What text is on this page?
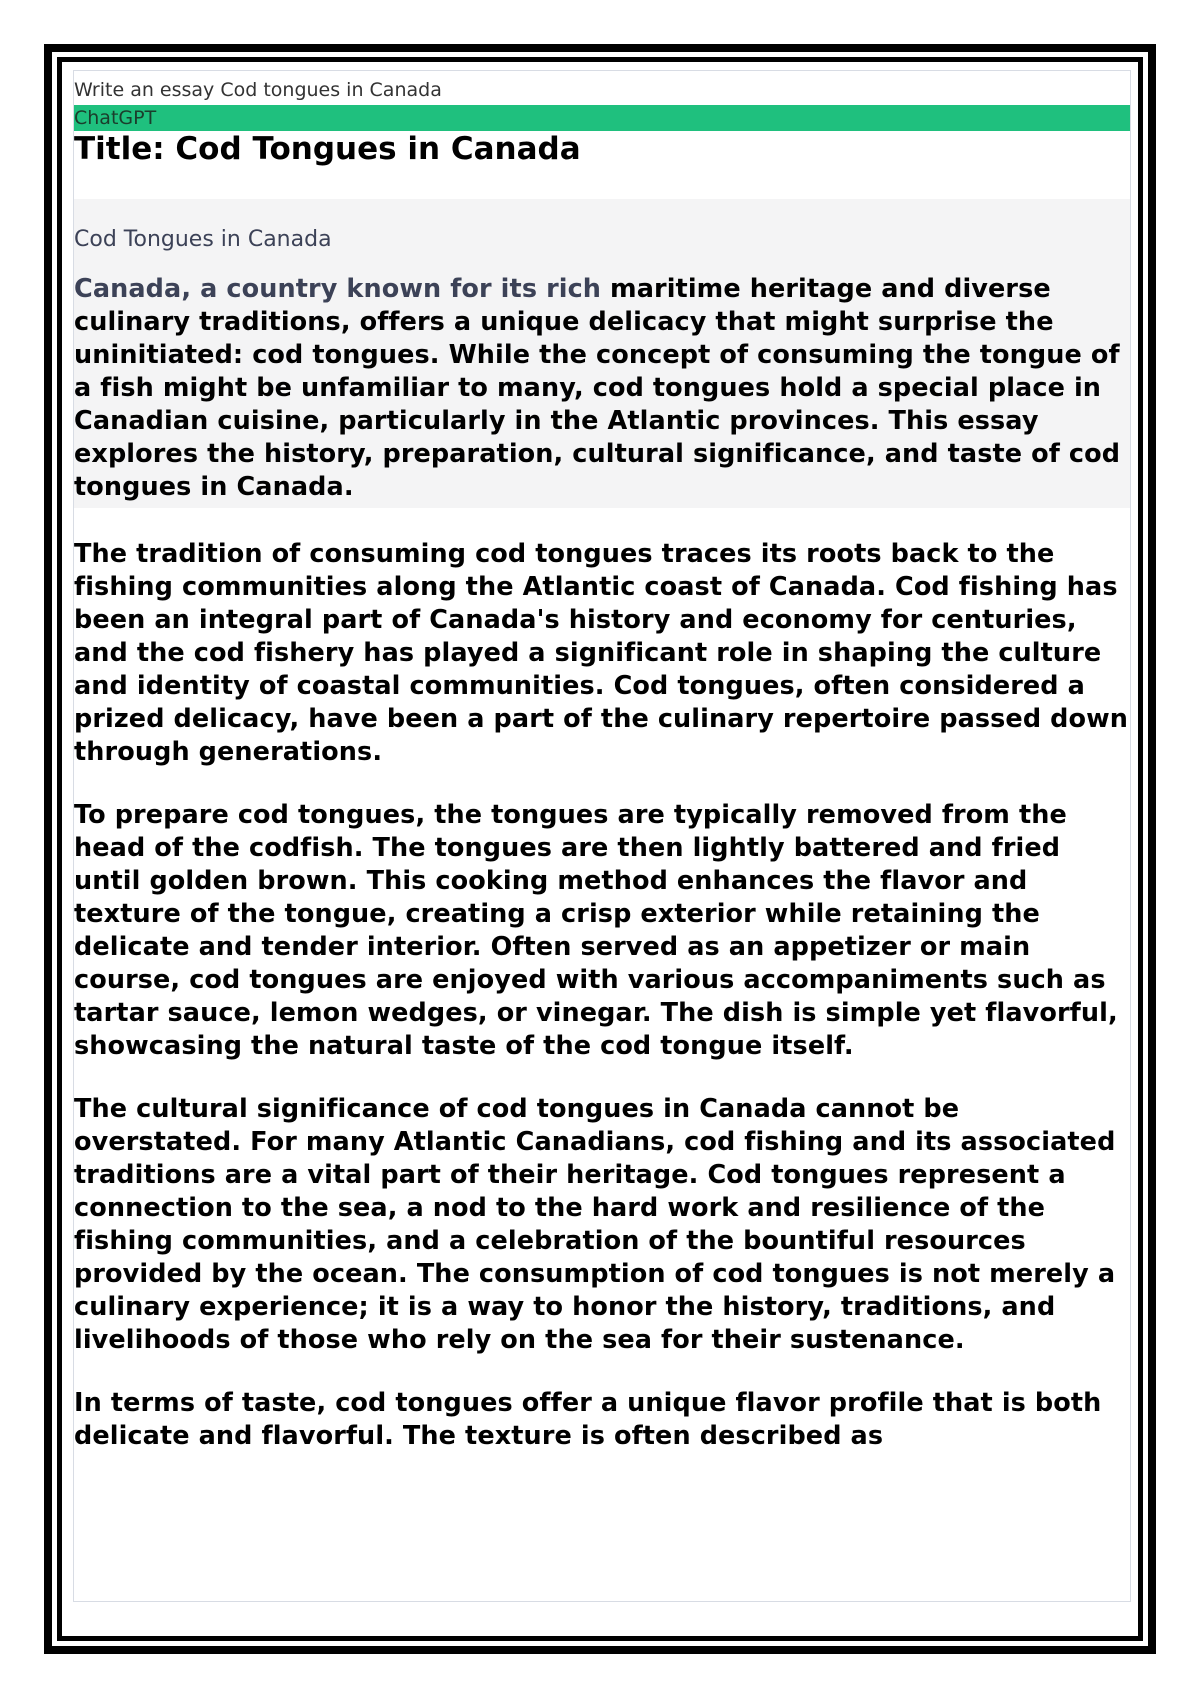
Write an essay Cod tongues in Canada
ChatGPT
Title: Cod Tongues in Canada
Cod Tongues in Canada

Canada, a country known for its rich maritime heritage and diverse culinary traditions, offers a unique delicacy that might surprise the uninitiated: cod tongues. While the concept of consuming the tongue of a fish might be unfamiliar to many, cod tongues hold a special place in Canadian cuisine, particularly in the Atlantic provinces. This essay explores the history, preparation, cultural significance, and taste of cod tongues in Canada.

The tradition of consuming cod tongues traces its roots back to the fishing communities along the Atlantic coast of Canada. Cod fishing has been an integral part of Canada's history and economy for centuries, and the cod fishery has played a significant role in shaping the culture and identity of coastal communities. Cod tongues, often considered a prized delicacy, have been a part of the culinary repertoire passed down through generations.

To prepare cod tongues, the tongues are typically removed from the head of the codfish. The tongues are then lightly battered and fried until golden brown. This cooking method enhances the flavor and texture of the tongue, creating a crisp exterior while retaining the delicate and tender interior. Often served as an appetizer or main course, cod tongues are enjoyed with various accompaniments such as tartar sauce, lemon wedges, or vinegar. The dish is simple yet flavorful, showcasing the natural taste of the cod tongue itself.

The cultural significance of cod tongues in Canada cannot be overstated. For many Atlantic Canadians, cod fishing and its associated traditions are a vital part of their heritage. Cod tongues represent a connection to the sea, a nod to the hard work and resilience of the fishing communities, and a celebration of the bountiful resources provided by the ocean. The consumption of cod tongues is not merely a culinary experience; it is a way to honor the history, traditions, and livelihoods of those who rely on the sea for their sustenance.

In terms of taste, cod tongues offer a unique flavor profile that is both delicate and flavorful. The texture is often described as
